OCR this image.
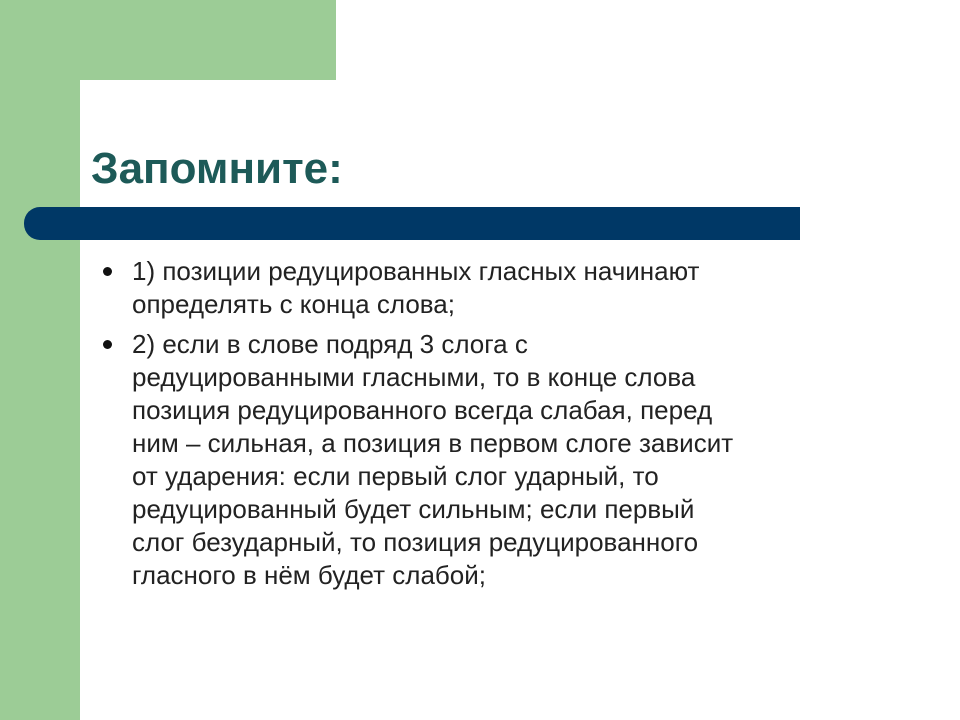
Запомните:
1) позиции редуцированных гласных начинают
определять с конца слова;
2) если в слове подряд 3 слога с
редуцированными гласными, то в конце слова
позиция редуцированного всегда слабая, перед
ним – сильная, а позиция в первом слоге зависит
от ударения: если первый слог ударный, то
редуцированный будет сильным; если первый
слог безударный, то позиция редуцированного
гласного в нём будет слабой;
